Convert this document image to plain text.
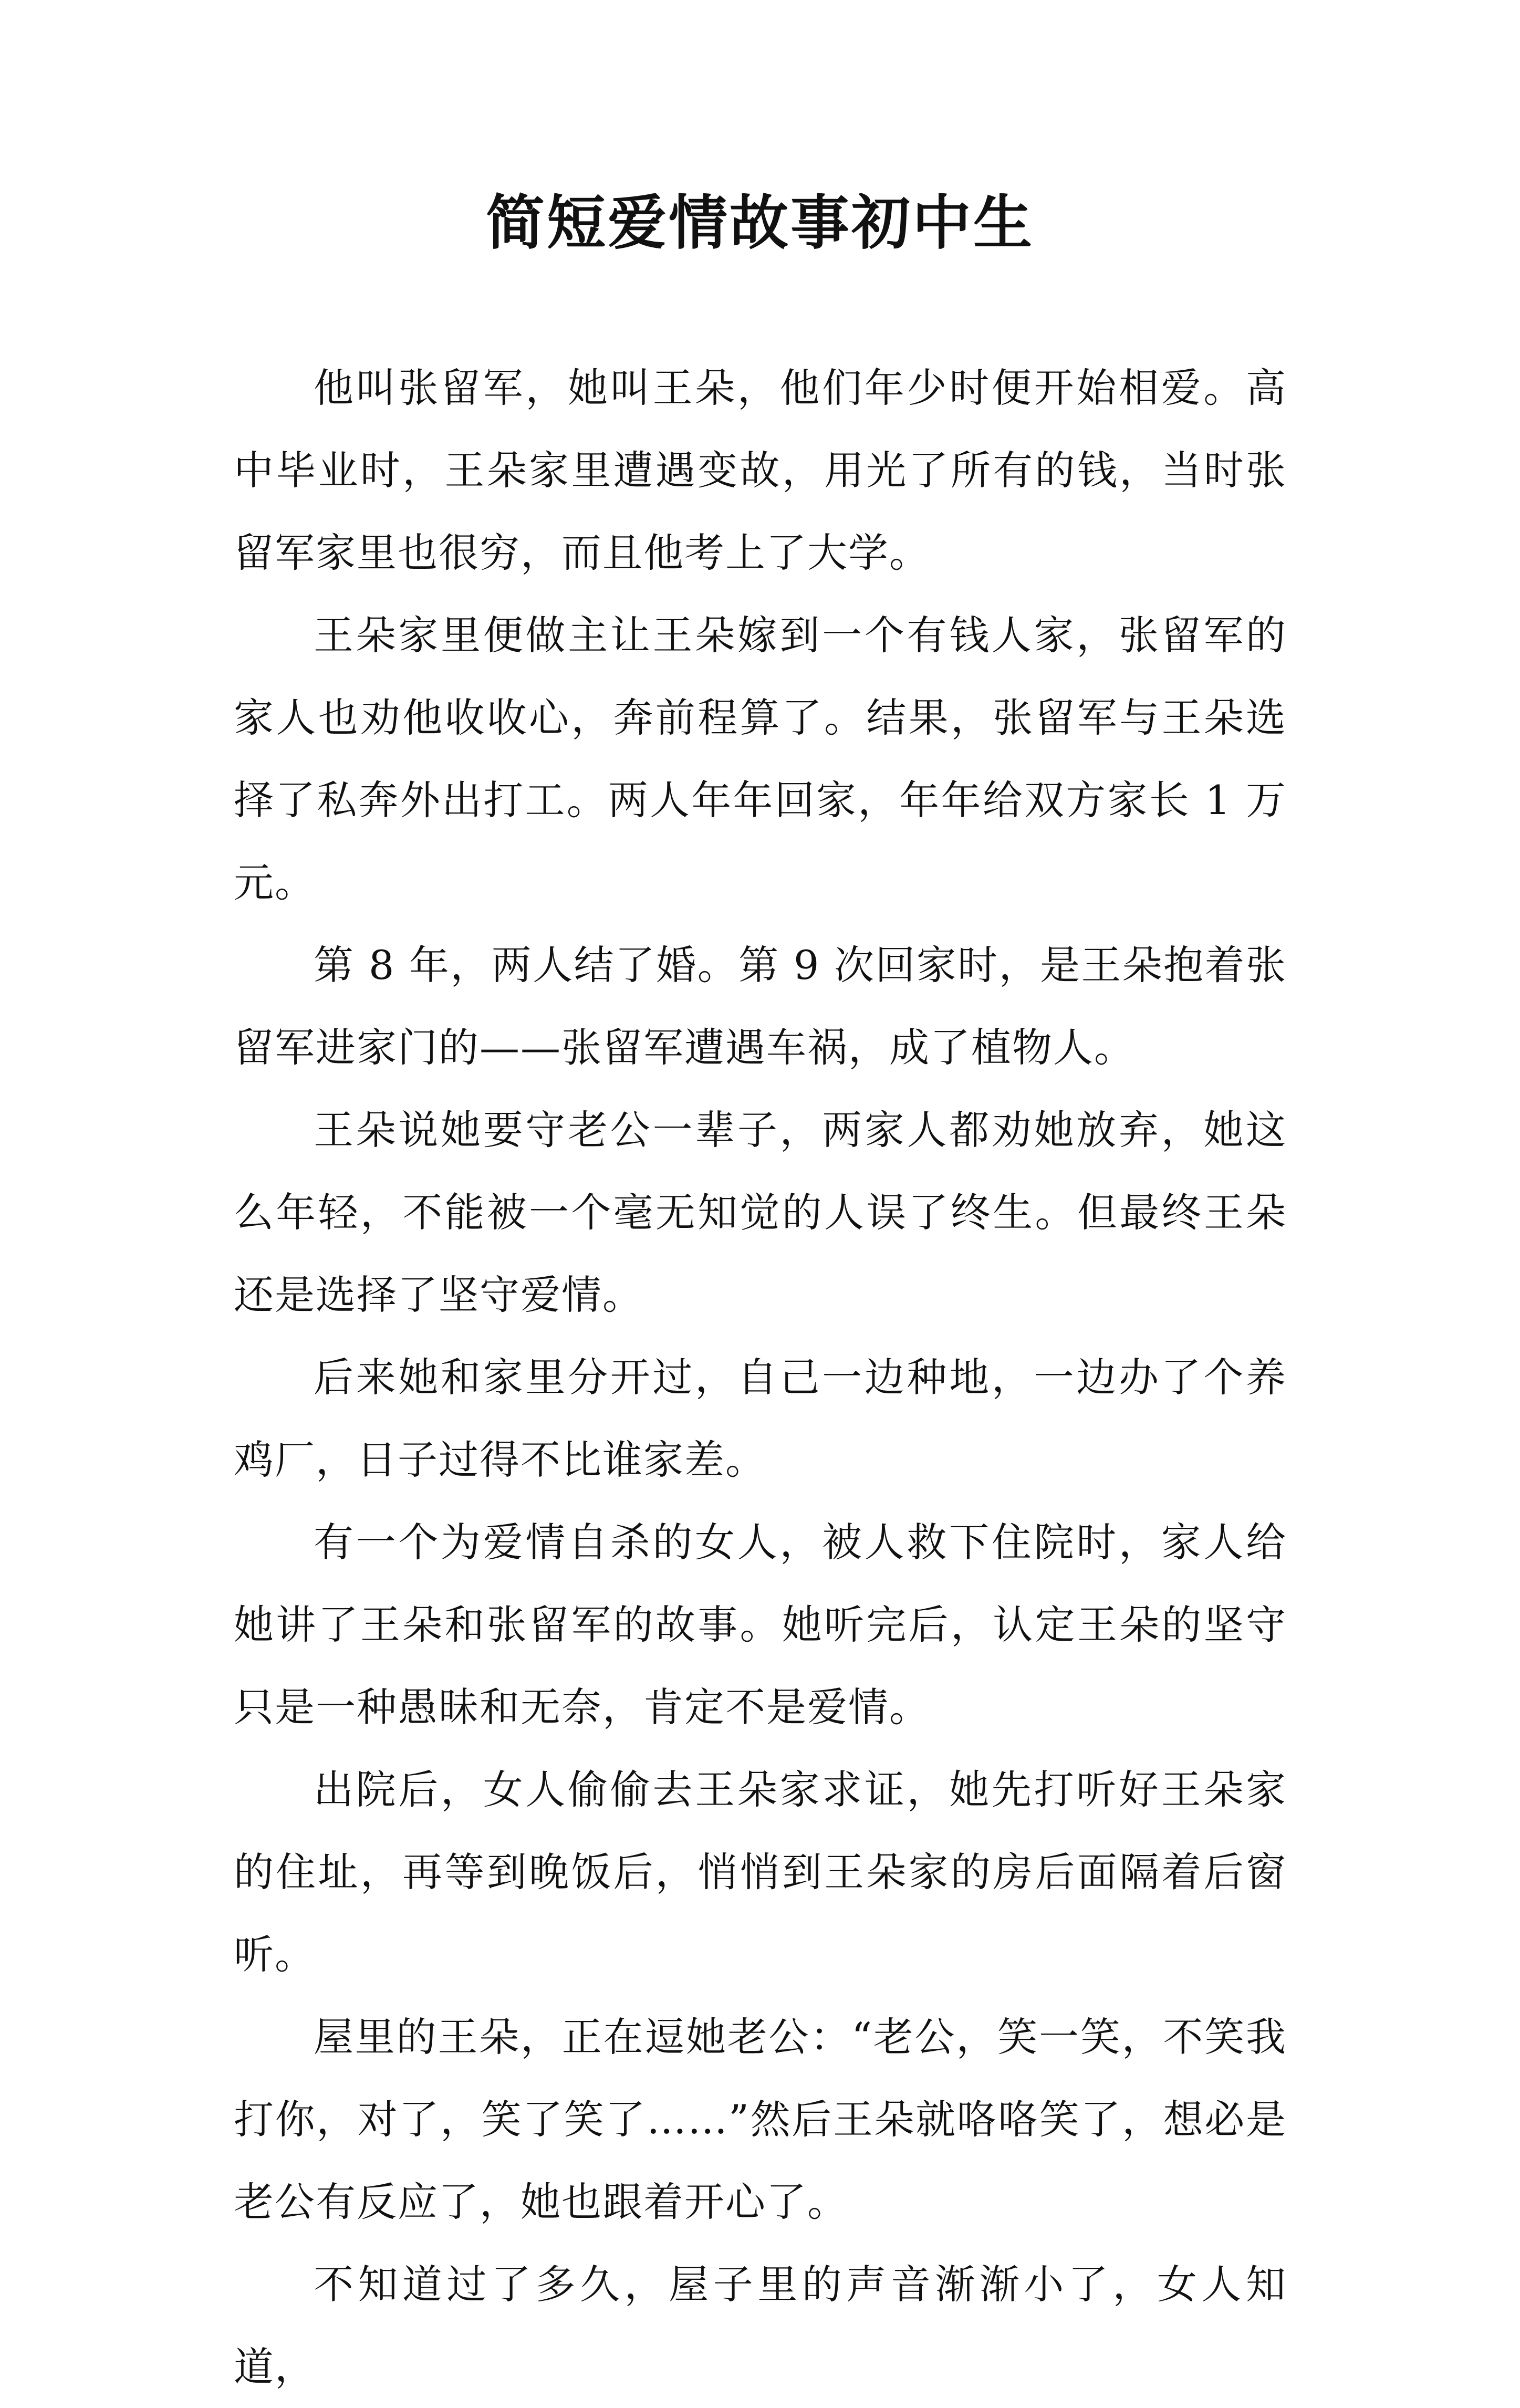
简短爱情故事初中生

他叫张留军，她叫王朵，他们年少时便开始相爱。高中毕业时，王朵家里遭遇变故，用光了所有的钱，当时张留军家里也很穷，而且他考上了大学。

王朵家里便做主让王朵嫁到一个有钱人家，张留军的家人也劝他收收心，奔前程算了。结果，张留军与王朵选择了私奔外出打工。两人年年回家，年年给双方家长 1 万元。

第 8 年，两人结了婚。第 9 次回家时，是王朵抱着张留军进家门的——张留军遭遇车祸，成了植物人。

王朵说她要守老公一辈子，两家人都劝她放弃，她这么年轻，不能被一个毫无知觉的人误了终生。但最终王朵还是选择了坚守爱情。

后来她和家里分开过，自己一边种地，一边办了个养鸡厂，日子过得不比谁家差。

有一个为爱情自杀的女人，被人救下住院时，家人给她讲了王朵和张留军的故事。她听完后，认定王朵的坚守只是一种愚昧和无奈，肯定不是爱情。

出院后，女人偷偷去王朵家求证，她先打听好王朵家的住址，再等到晚饭后，悄悄到王朵家的房后面隔着后窗听。

屋里的王朵，正在逗她老公：“老公，笑一笑，不笑我打你，对了，笑了笑了……”然后王朵就咯咯笑了，想必是老公有反应了，她也跟着开心了。

不知道过了多久，屋子里的声音渐渐小了，女人知道，
